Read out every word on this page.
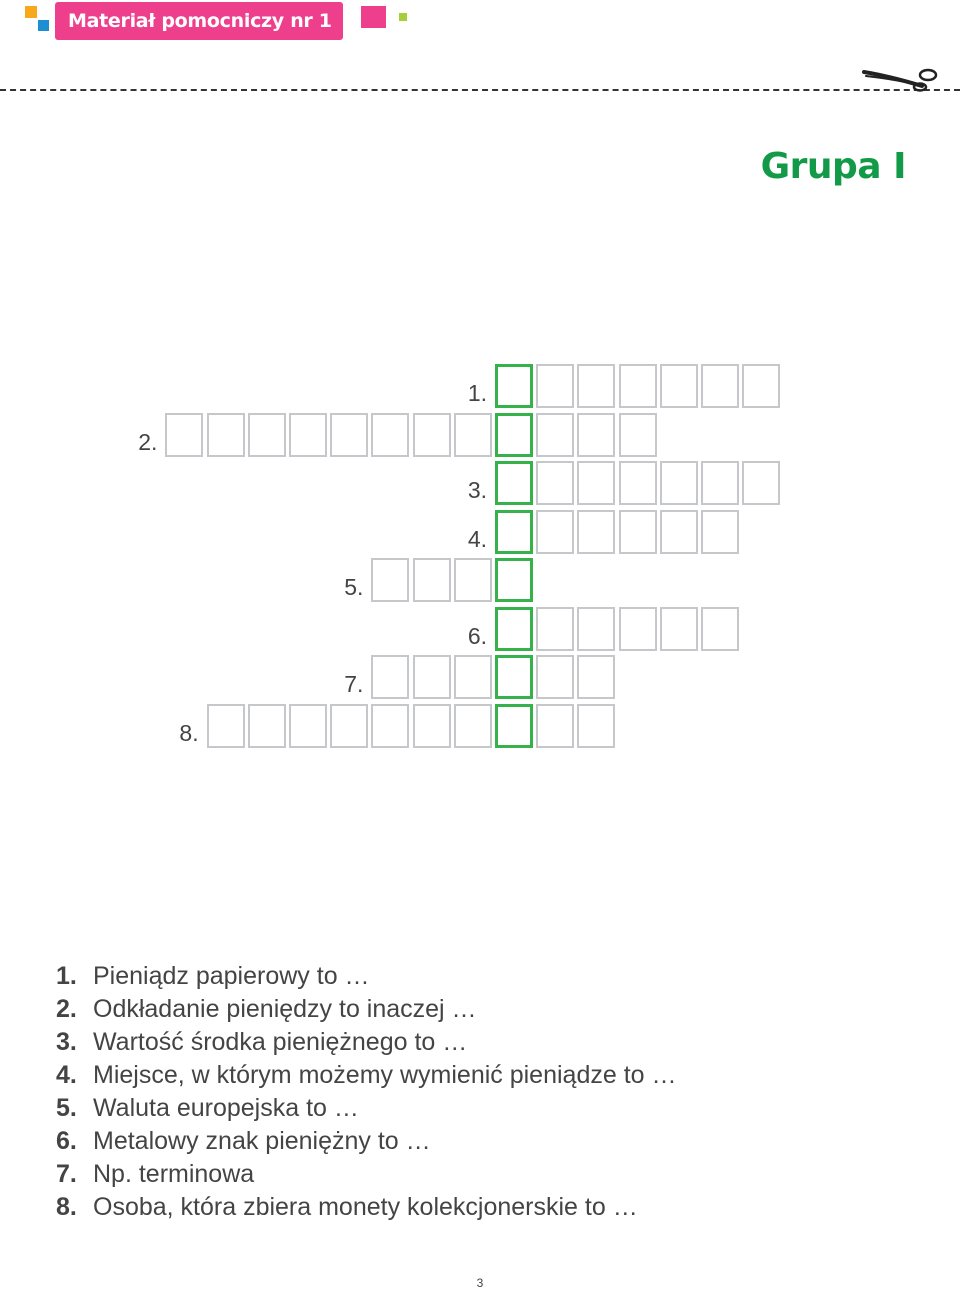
Materiał pomocniczy nr 1
Grupa I
1.
2.
3.
4.
5.
6.
7.
8.
1. Pieniądz papierowy to …
2. Odkładanie pieniędzy to inaczej …
3. Wartość środka pieniężnego to …
4. Miejsce, w którym możemy wymienić pieniądze to …
5. Waluta europejska to …
6. Metalowy znak pieniężny to …
7. Np. terminowa
8. Osoba, która zbiera monety kolekcjonerskie to …
3
